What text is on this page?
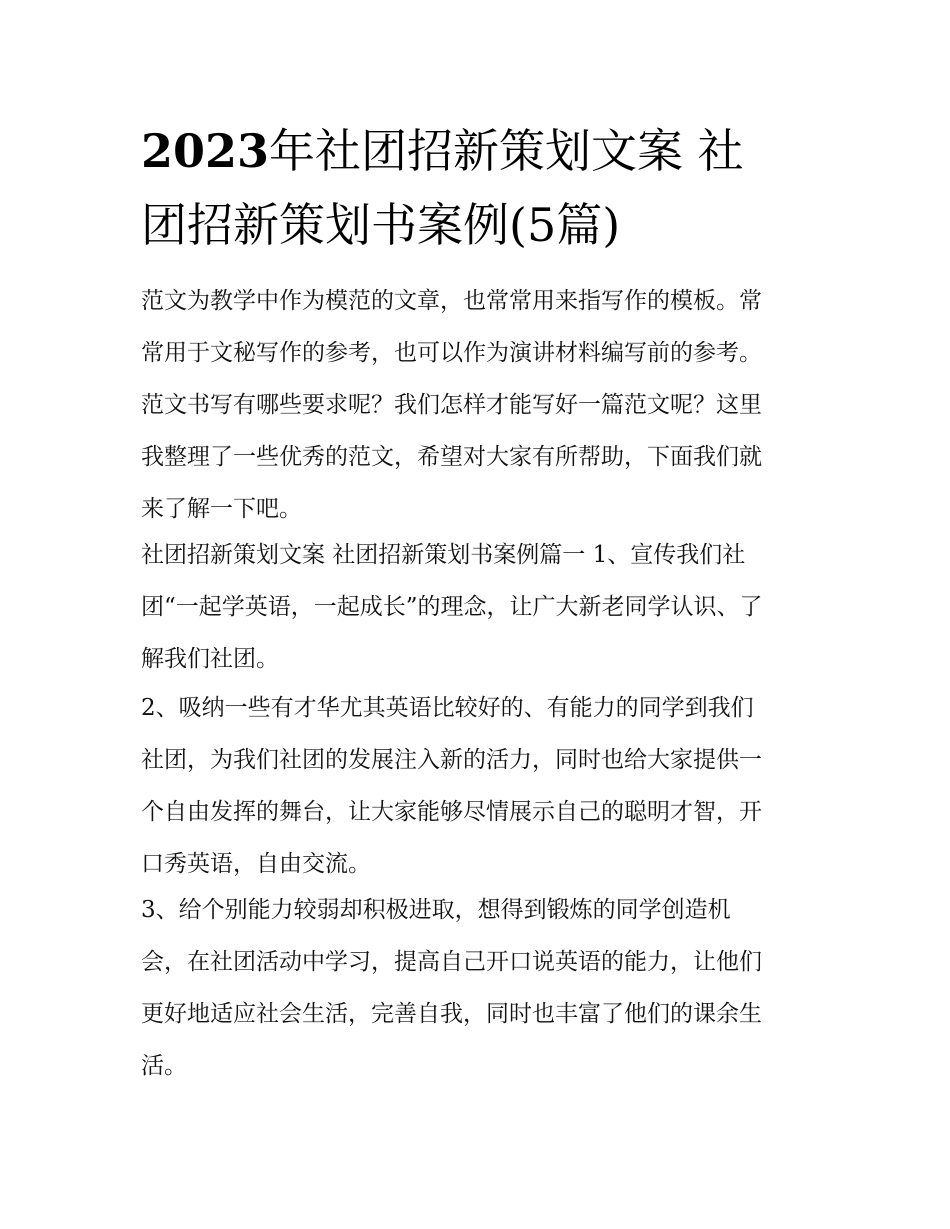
2023年社团招新策划文案 社
团招新策划书案例(5篇)

范文为教学中作为模范的文章，也常常用来指写作的模板。常
常用于文秘写作的参考，也可以作为演讲材料编写前的参考。
范文书写有哪些要求呢？我们怎样才能写好一篇范文呢？这里
我整理了一些优秀的范文，希望对大家有所帮助，下面我们就
来了解一下吧。

社团招新策划文案 社团招新策划书案例篇一 1、宣传我们社
团“一起学英语，一起成长”的理念，让广大新老同学认识、了
解我们社团。

2、吸纳一些有才华尤其英语比较好的、有能力的同学到我们
社团，为我们社团的发展注入新的活力，同时也给大家提供一
个自由发挥的舞台，让大家能够尽情展示自己的聪明才智，开
口秀英语，自由交流。

3、给个别能力较弱却积极进取，想得到锻炼的同学创造机
会，在社团活动中学习，提高自己开口说英语的能力，让他们
更好地适应社会生活，完善自我，同时也丰富了他们的课余生
活。
